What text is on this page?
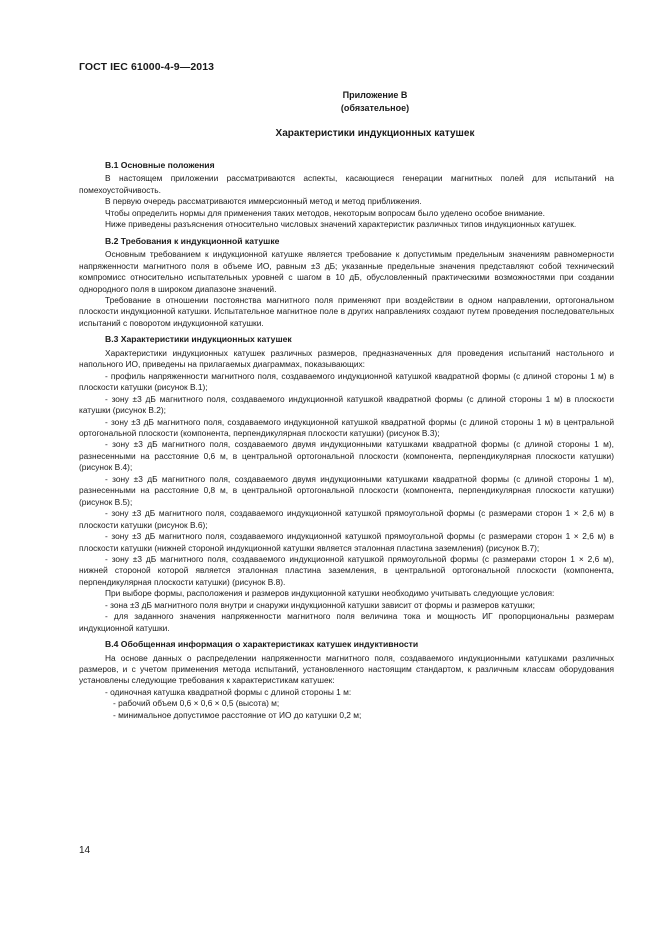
ГОСТ IEC 61000-4-9—2013
Приложение В
(обязательное)
Характеристики индукционных катушек
В.1 Основные положения

В настоящем приложении рассматриваются аспекты, касающиеся генерации магнитных полей для испытаний на помехоустойчивость.

В первую очередь рассматриваются иммерсионный метод и метод приближения.

Чтобы определить нормы для применения таких методов, некоторым вопросам было уделено особое внимание.

Ниже приведены разъяснения относительно числовых значений характеристик различных типов индукционных катушек.

В.2 Требования к индукционной катушке

Основным требованием к индукционной катушке является требование к допустимым предельным значениям равномерности напряженности магнитного поля в объеме ИО, равным ±3 дБ; указанные предельные значения представляют собой технический компромисс относительно испытательных уровней с шагом в 10 дБ, обусловленный практическими возможностями при создании однородного поля в широком диапазоне значений.

Требование в отношении постоянства магнитного поля применяют при воздействии в одном направлении, ортогональном плоскости индукционной катушки. Испытательное магнитное поле в других направлениях создают путем проведения последовательных испытаний с поворотом индукционной катушки.

В.3 Характеристики индукционных катушек

Характеристики индукционных катушек различных размеров, предназначенных для проведения испытаний настольного и напольного ИО, приведены на прилагаемых диаграммах, показывающих:

- профиль напряженности магнитного поля, создаваемого индукционной катушкой квадратной формы (с длиной стороны 1 м) в плоскости катушки (рисунок В.1);

- зону ±3 дБ магнитного поля, создаваемого индукционной катушкой квадратной формы (с длиной стороны 1 м) в плоскости катушки (рисунок В.2);

- зону ±3 дБ магнитного поля, создаваемого индукционной катушкой квадратной формы (с длиной стороны 1 м) в центральной ортогональной плоскости (компонента, перпендикулярная плоскости катушки) (рисунок В.3);

- зону ±3 дБ магнитного поля, создаваемого двумя индукционными катушками квадратной формы (с длиной стороны 1 м), разнесенными на расстояние 0,6 м, в центральной ортогональной плоскости (компонента, перпендикулярная плоскости катушки) (рисунок В.4);

- зону ±3 дБ магнитного поля, создаваемого двумя индукционными катушками квадратной формы (с длиной стороны 1 м), разнесенными на расстояние 0,8 м, в центральной ортогональной плоскости (компонента, перпендикулярная плоскости катушки) (рисунок В.5);

- зону ±3 дБ магнитного поля, создаваемого индукционной катушкой прямоугольной формы (с размерами сторон 1 × 2,6 м) в плоскости катушки (рисунок В.6);

- зону ±3 дБ магнитного поля, создаваемого индукционной катушкой прямоугольной формы (с размерами сторон 1 × 2,6 м) в плоскости катушки (нижней стороной индукционной катушки является эталонная пластина заземления) (рисунок В.7);

- зону ±3 дБ магнитного поля, создаваемого индукционной катушкой прямоугольной формы (с размерами сторон 1 × 2,6 м), нижней стороной которой является эталонная пластина заземления, в центральной ортогональной плоскости (компонента, перпендикулярная плоскости катушки) (рисунок В.8).

При выборе формы, расположения и размеров индукционной катушки необходимо учитывать следующие условия:

- зона ±3 дБ магнитного поля внутри и снаружи индукционной катушки зависит от формы и размеров катушки;

- для заданного значения напряженности магнитного поля величина тока и мощность ИГ пропорциональны размерам индукционной катушки.

В.4 Обобщенная информация о характеристиках катушек индуктивности

На основе данных о распределении напряженности магнитного поля, создаваемого индукционными катушками различных размеров, и с учетом применения метода испытаний, установленного настоящим стандартом, к различным классам оборудования установлены следующие требования к характеристикам катушек:

- одиночная катушка квадратной формы с длиной стороны 1 м:

- рабочий объем 0,6 × 0,6 × 0,5 (высота) м;

- минимальное допустимое расстояние от ИО до катушки 0,2 м;

14
